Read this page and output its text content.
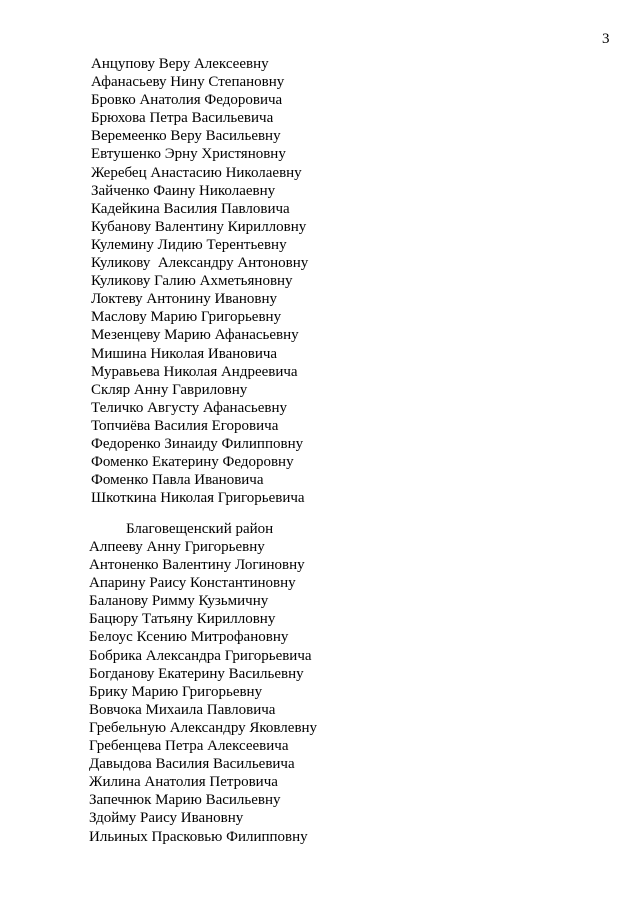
3
Анцупову Веру Алексеевну
Афанасьеву Нину Степановну
Бровко Анатолия Федоровича
Брюхова Петра Васильевича
Веремеенко Веру Васильевну
Евтушенко Эрну Христяновну
Жеребец Анастасию Николаевну
Зайченко Фаину Николаевну
Кадейкина Василия Павловича
Кубанову Валентину Кирилловну
Кулемину Лидию Терентьевну
Куликову  Александру Антоновну
Куликову Галию Ахметьяновну
Локтеву Антонину Ивановну
Маслову Марию Григорьевну
Мезенцеву Марию Афанасьевну
Мишина Николая Ивановича
Муравьева Николая Андреевича
Скляр Анну Гавриловну
Теличко Августу Афанасьевну
Топчиёва Василия Егоровича
Федоренко Зинаиду Филипповну
Фоменко Екатерину Федоровну
Фоменко Павла Ивановича
Шкоткина Николая Григорьевича
Благовещенский район
Алпееву Анну Григорьевну
Антоненко Валентину Логиновну
Апарину Раису Константиновну
Баланову Римму Кузьмичну
Бацюру Татьяну Кирилловну
Белоус Ксению Митрофановну
Бобрика Александра Григорьевича
Богданову Екатерину Васильевну
Брику Марию Григорьевну
Вовчока Михаила Павловича
Гребельную Александру Яковлевну
Гребенцева Петра Алексеевича
Давыдова Василия Васильевича
Жилина Анатолия Петровича
Запечнюк Марию Васильевну
Здойму Раису Ивановну
Ильиных Прасковью Филипповну
